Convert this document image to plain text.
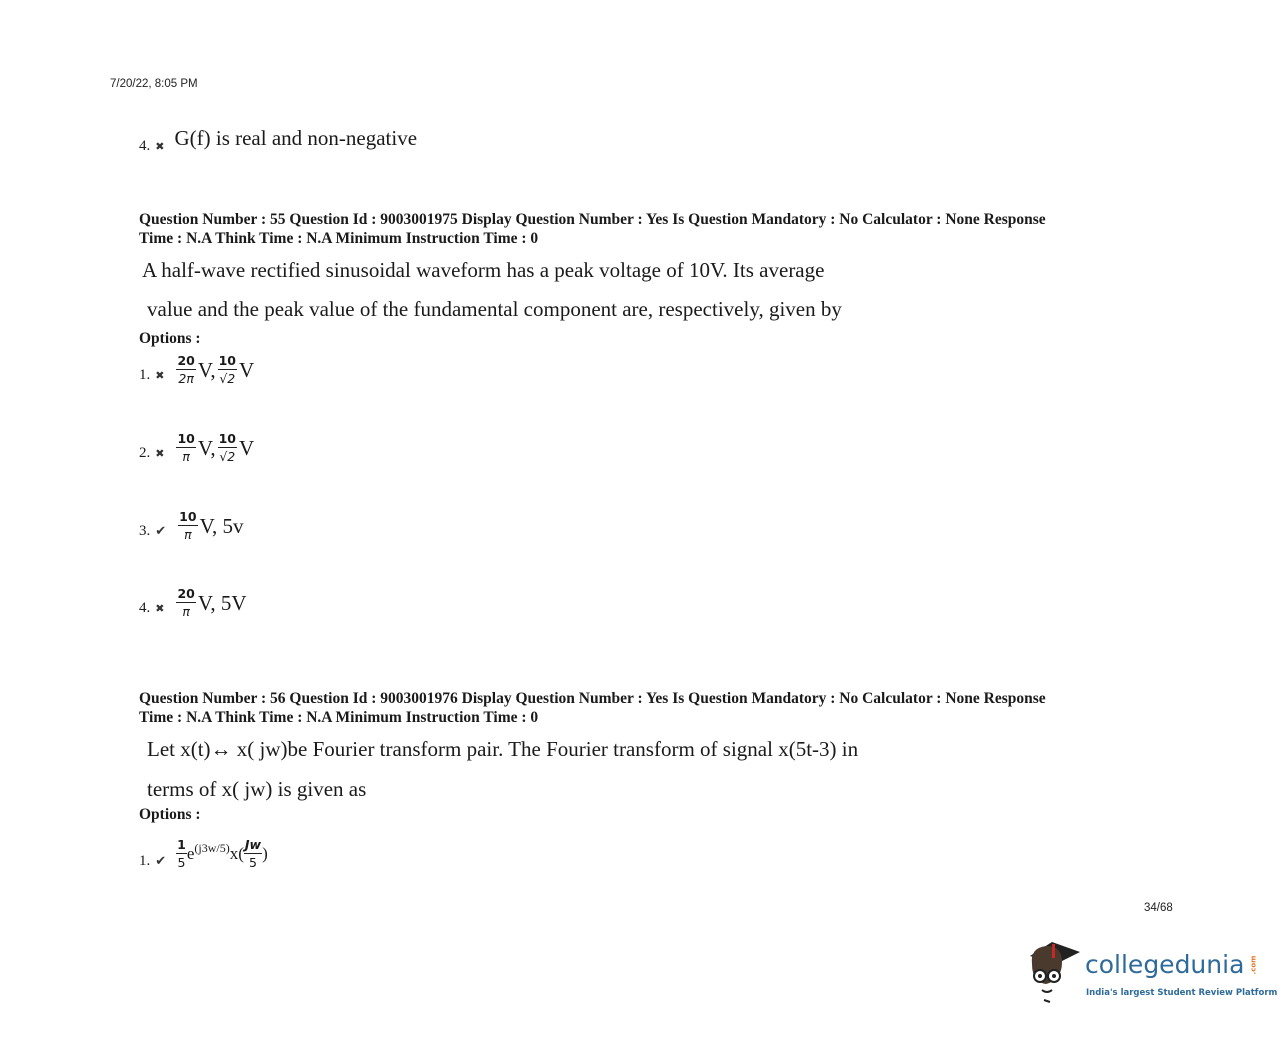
7/20/22, 8:05 PM
4. ✖ G(f) is real and non-negative
Question Number : 55 Question Id : 9003001975 Display Question Number : Yes Is Question Mandatory : No Calculator : None Response
Time : N.A Think Time : N.A Minimum Instruction Time : 0
A half-wave rectified sinusoidal waveform has a peak voltage of 10V. Its average
value and the peak value of the fundamental component are, respectively, given by
Options :
1. ✖ $\frac{20}{2\pi} V$, $\frac{10}{√2}$ V
2. ✖ $\frac{10}{\pi} V$, $\frac{10}{√2}$ V
3. ✔ $\frac{10}{\pi} V$, 5v
4. ✖ $\frac{20}{\pi} V$, 5V
Question Number : 56 Question Id : 9003001976 Display Question Number : Yes Is Question Mandatory : No Calculator : None Response
Time : N.A Think Time : N.A Minimum Instruction Time : 0
Let x(t)↔ x( jw)be Fourier transform pair. The Fourier transform of signal x(5t-3) in
terms of x( jw) is given as
Options :
1. ✔ $\frac{1}{5}$ e (j3w/5) $x( \frac{Jw}{5}$ )
34/68
collegedunia .com
India's largest Student Review Platform
